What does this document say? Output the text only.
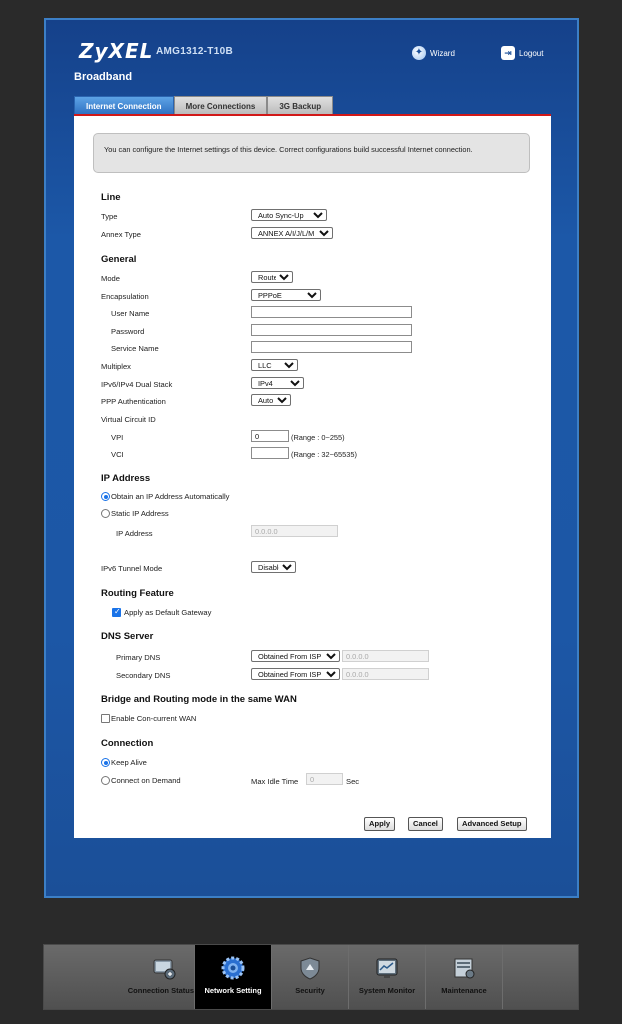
ZyXEL AMG1312-T10B	✦ Wizard	⇥ Logout
Broadband
Internet Connection	More Connections	3G Backup
You can configure the Internet settings of this device. Correct configurations build successful Internet connection.
Line
Type
Auto Sync-Up
Annex Type
ANNEX A/I/J/L/M
General
Mode
Router
Encapsulation
PPPoE
User Name
Password
Service Name
Multiplex
LLC
IPv6/IPv4 Dual Stack
IPv4
PPP Authentication
Auto
Virtual Circuit ID
VPI
0	(Range : 0~255)
VCI	(Range : 32~65535)
IP Address
Obtain an IP Address Automatically
Static IP Address
IP Address
0.0.0.0
IPv6 Tunnel Mode
Disable
Routing Feature
✓
Apply as Default Gateway
DNS Server
Primary DNS
Obtained From ISP
0.0.0.0
Secondary DNS
Obtained From ISP
0.0.0.0
Bridge and Routing mode in the same WAN
Enable Con-current WAN
Connection
Keep Alive
Connect on Demand	Max Idle Time
0	Sec
Apply	Cancel	Advanced Setup
Connection Status	Network Setting	Security	System Monitor	Maintenance
